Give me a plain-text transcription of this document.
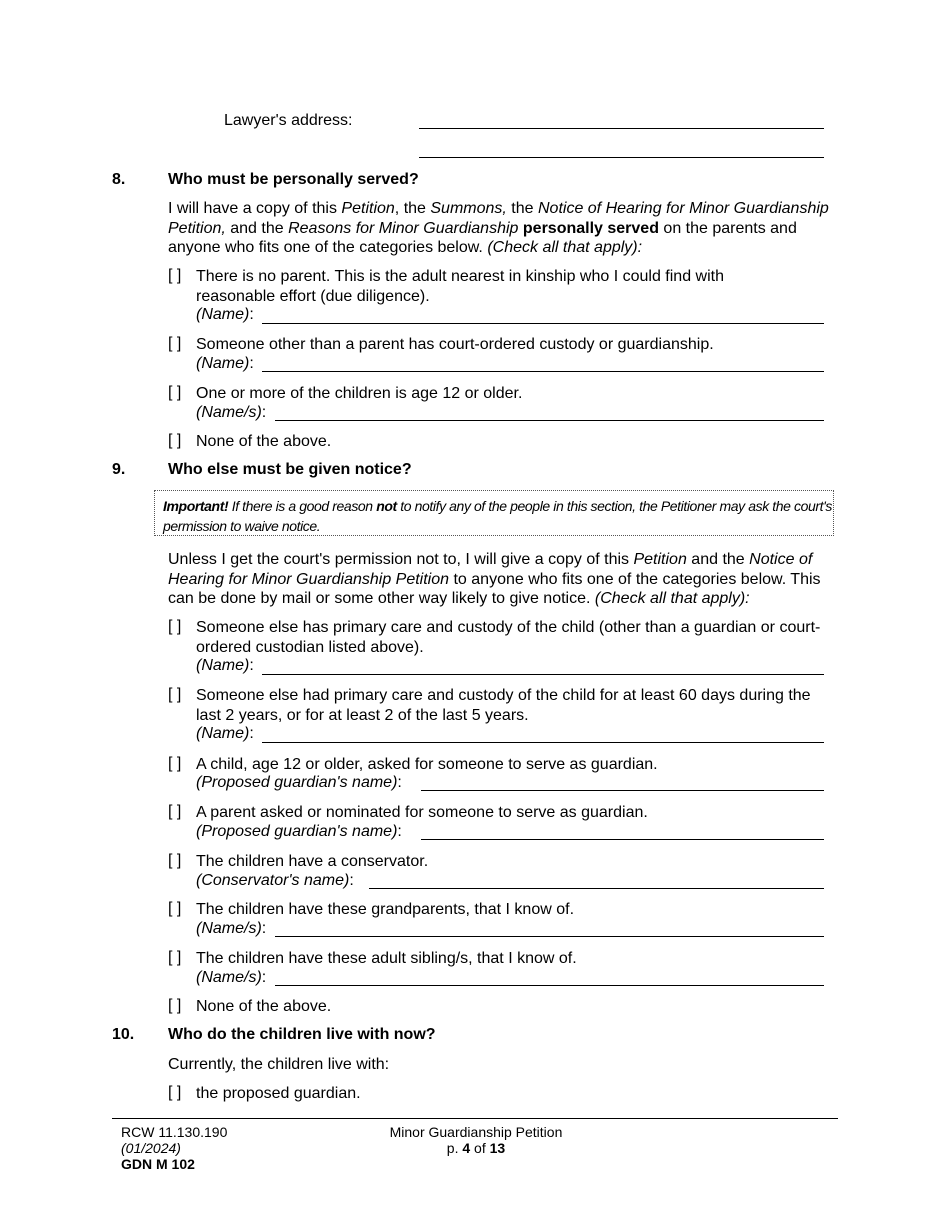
Lawyer's address:
8.	Who must be personally served?
I will have a copy of this Petition, the Summons, the Notice of Hearing for Minor Guardianship Petition, and the Reasons for Minor Guardianship personally served on the parents and anyone who fits one of the categories below. (Check all that apply):
[ ] There is no parent. This is the adult nearest in kinship who I could find with reasonable effort (due diligence).
(Name):
[ ] Someone other than a parent has court-ordered custody or guardianship.
(Name):
[ ] One or more of the children is age 12 or older.
(Name/s):
[ ] None of the above.
9.	Who else must be given notice?
Important! If there is a good reason not to notify any of the people in this section, the Petitioner may ask the court's permission to waive notice.
Unless I get the court's permission not to, I will give a copy of this Petition and the Notice of Hearing for Minor Guardianship Petition to anyone who fits one of the categories below. This can be done by mail or some other way likely to give notice. (Check all that apply):
[ ] Someone else has primary care and custody of the child (other than a guardian or court-ordered custodian listed above).
(Name):
[ ] Someone else had primary care and custody of the child for at least 60 days during the last 2 years, or for at least 2 of the last 5 years.
(Name):
[ ] A child, age 12 or older, asked for someone to serve as guardian.
(Proposed guardian's name):
[ ] A parent asked or nominated for someone to serve as guardian.
(Proposed guardian's name):
[ ] The children have a conservator.
(Conservator's name):
[ ] The children have these grandparents, that I know of.
(Name/s):
[ ] The children have these adult sibling/s, that I know of.
(Name/s):
[ ] None of the above.
10. Who do the children live with now?
Currently, the children live with:
[ ] the proposed guardian.
RCW 11.130.190
(01/2024)
GDN M 102
Minor Guardianship Petition
p. 4 of 13
